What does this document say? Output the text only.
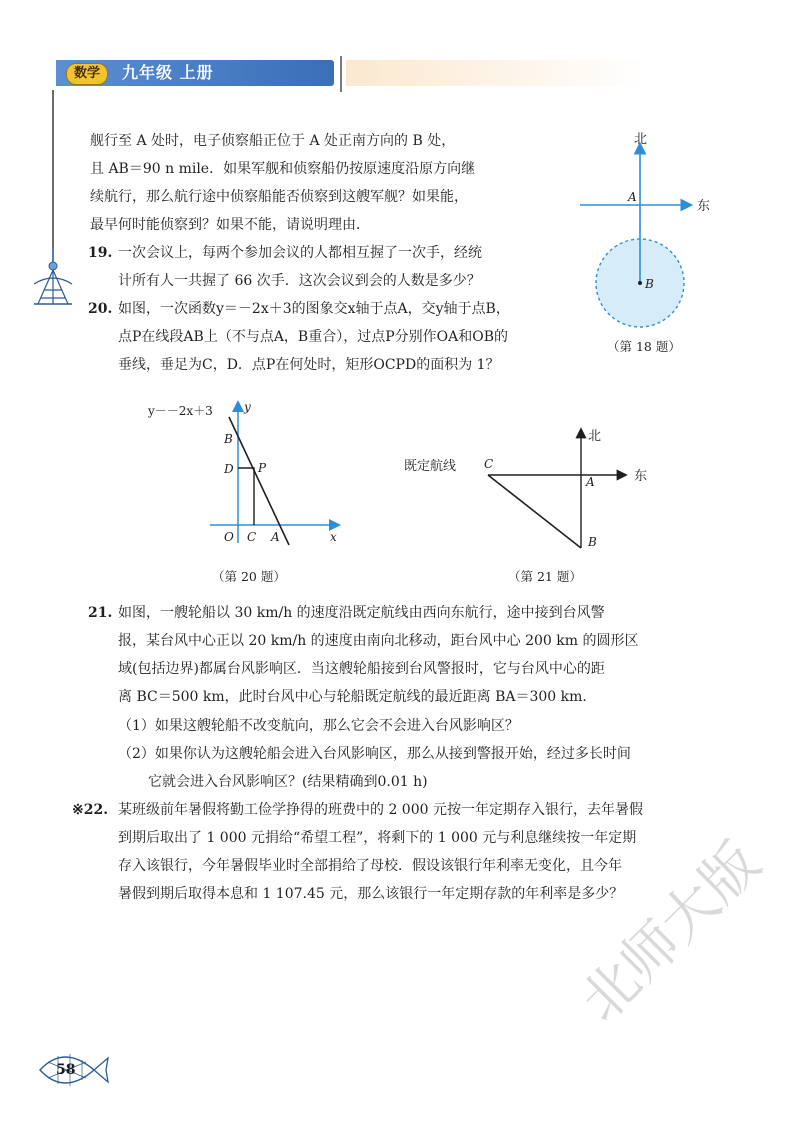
数学	九年级 上册
舰行至 A 处时，电子侦察船正位于 A 处正南方向的 B 处，
且 AB＝90 n mile．如果军舰和侦察船仍按原速度沿原方向继
续航行，那么航行途中侦察船能否侦察到这艘军舰？如果能，
最早何时能侦察到？如果不能，请说明理由．
19. 一次会议上，每两个参加会议的人都相互握了一次手，经统
计所有人一共握了 66 次手．这次会议到会的人数是多少？
20. 如图，一次函数y＝－2x＋3的图象交x轴于点A，交y轴于点B，
点P在线段AB上（不与点A，B重合），过点P分别作OA和OB的
垂线，垂足为C，D．点P在何处时，矩形OCPD的面积为 1？
北
东
A
B
（第 18 题）
y－－2x＋3	y
x
B
D P
O C A
（第 20 题）
既定航线
北
东
C
A
B
（第 21 题）
21. 如图，一艘轮船以 30 km/h 的速度沿既定航线由西向东航行，途中接到台风警
报，某台风中心正以 20 km/h 的速度由南向北移动，距台风中心 200 km 的圆形区
域(包括边界)都属台风影响区．当这艘轮船接到台风警报时，它与台风中心的距
离 BC＝500 km，此时台风中心与轮船既定航线的最近距离 BA＝300 km．
（1）如果这艘轮船不改变航向，那么它会不会进入台风影响区？
（2）如果你认为这艘轮船会进入台风影响区，那么从接到警报开始，经过多长时间
它就会进入台风影响区？(结果精确到0.01 h)
※22. 某班级前年暑假将勤工俭学挣得的班费中的 2 000 元按一年定期存入银行，去年暑假
到期后取出了 1 000 元捐给“希望工程”，将剩下的 1 000 元与利息继续按一年定期
存入该银行，今年暑假毕业时全部捐给了母校．假设该银行年利率无变化，且今年
暑假到期后取得本息和 1 107.45 元，那么该银行一年定期存款的年利率是多少？
北师大版
58
